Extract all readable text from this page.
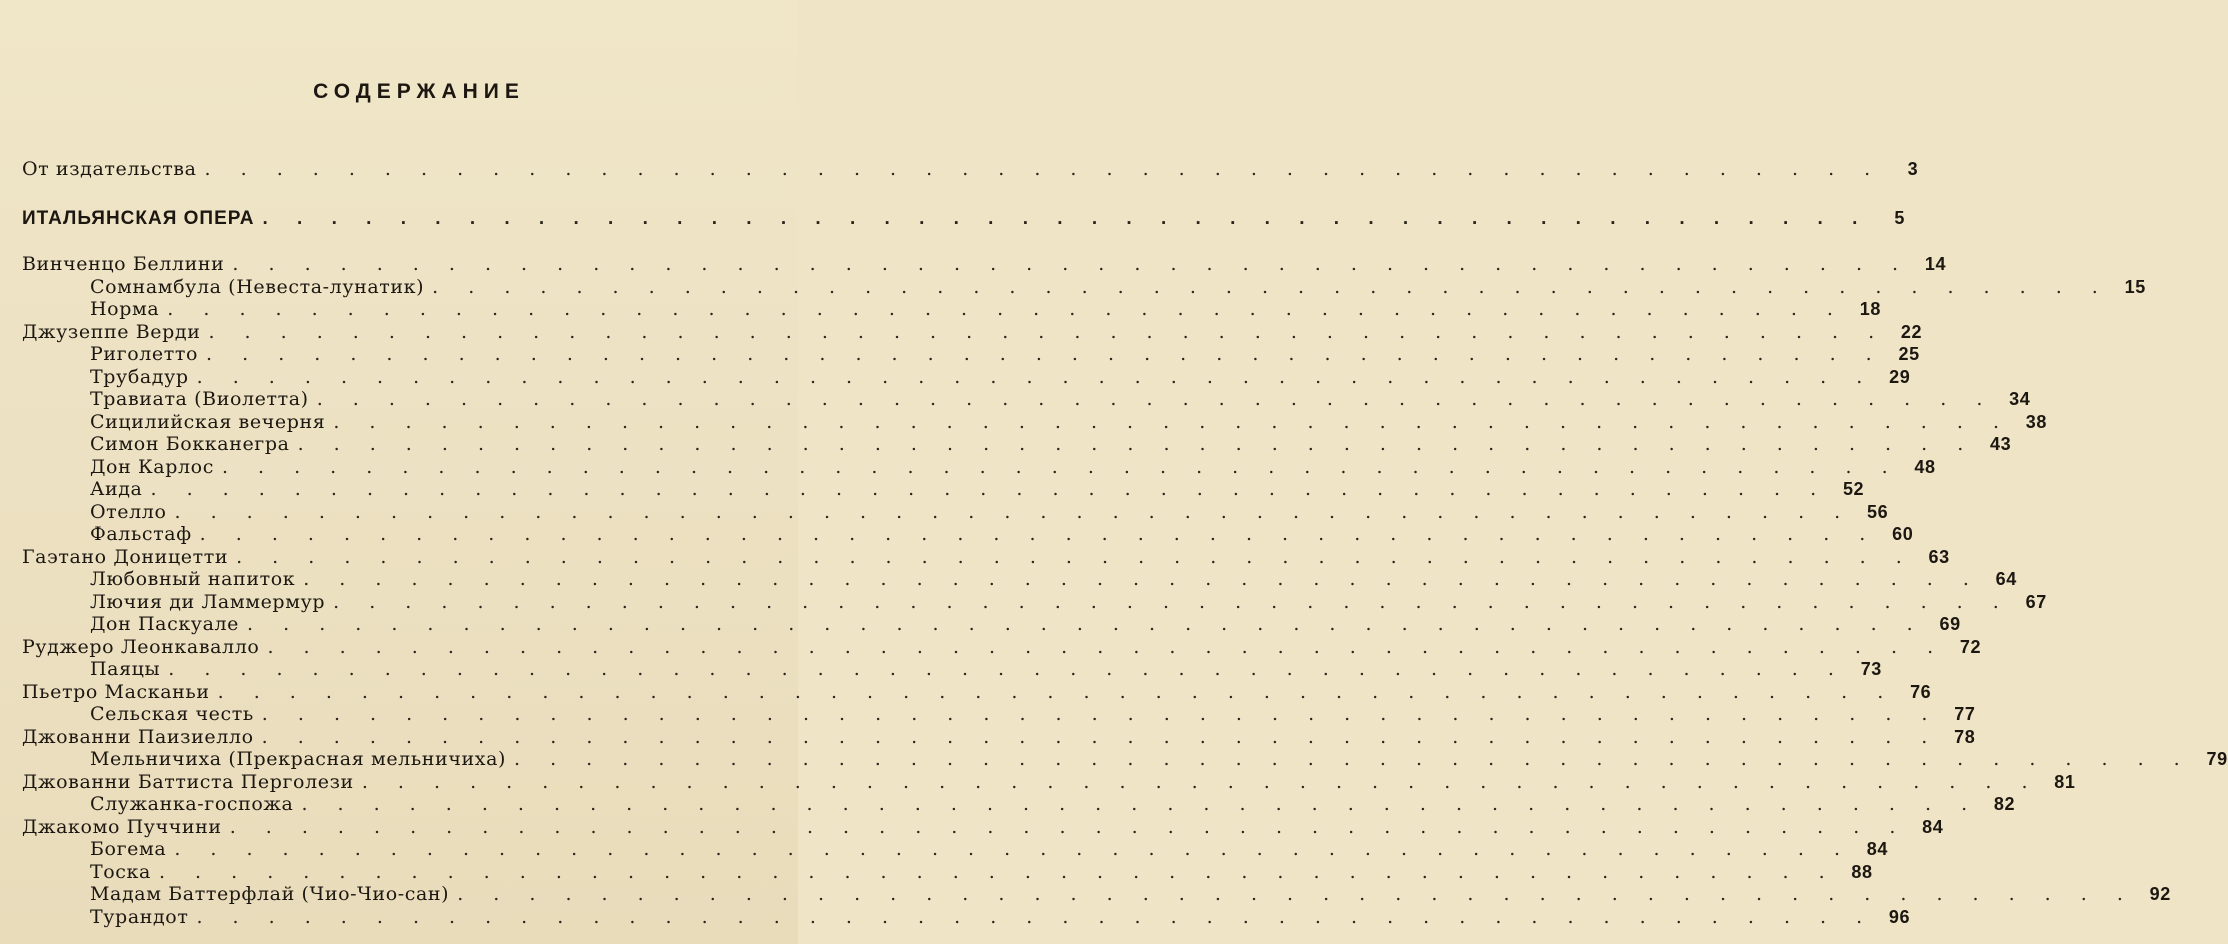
СОДЕРЖАНИЕ
От издательства . . . . . . . . . . . . . . . . . . . . . . . . . . . . . . . . . . . . . . . . . . . . . . .	3
ИТАЛЬЯНСКАЯ ОПЕРА . . . . . . . . . . . . . . . . . . . . . . . . . . . . . . . . . . . . . . . . . . . . . . .	5
Винченцо Беллини . . . . . . . . . . . . . . . . . . . . . . . . . . . . . . . . . . . . . . . . . . . . . . . 14
Сомнамбула (Невеста-лунатик) . . . . . . . . . . . . . . . . . . . . . . . . . . . . . . . . . . . . . . . . . . . . . . . 15
Норма . . . . . . . . . . . . . . . . . . . . . . . . . . . . . . . . . . . . . . . . . . . . . . . 18
Джузеппе Верди . . . . . . . . . . . . . . . . . . . . . . . . . . . . . . . . . . . . . . . . . . . . . . . 22
Риголетто . . . . . . . . . . . . . . . . . . . . . . . . . . . . . . . . . . . . . . . . . . . . . . . 25
Трубадур . . . . . . . . . . . . . . . . . . . . . . . . . . . . . . . . . . . . . . . . . . . . . . . 29
Травиата (Виолетта) . . . . . . . . . . . . . . . . . . . . . . . . . . . . . . . . . . . . . . . . . . . . . . . 34
Сицилийская вечерня . . . . . . . . . . . . . . . . . . . . . . . . . . . . . . . . . . . . . . . . . . . . . . . 38
Симон Бокканегра . . . . . . . . . . . . . . . . . . . . . . . . . . . . . . . . . . . . . . . . . . . . . . . 43
Дон Карлос . . . . . . . . . . . . . . . . . . . . . . . . . . . . . . . . . . . . . . . . . . . . . . . 48
Аида . . . . . . . . . . . . . . . . . . . . . . . . . . . . . . . . . . . . . . . . . . . . . . . 52
Отелло . . . . . . . . . . . . . . . . . . . . . . . . . . . . . . . . . . . . . . . . . . . . . . . 56
Фальстаф . . . . . . . . . . . . . . . . . . . . . . . . . . . . . . . . . . . . . . . . . . . . . . . 60
Гаэтано Доницетти . . . . . . . . . . . . . . . . . . . . . . . . . . . . . . . . . . . . . . . . . . . . . . . 63
Любовный напиток . . . . . . . . . . . . . . . . . . . . . . . . . . . . . . . . . . . . . . . . . . . . . . . 64
Лючия ди Ламмермур . . . . . . . . . . . . . . . . . . . . . . . . . . . . . . . . . . . . . . . . . . . . . . . 67
Дон Паскуале . . . . . . . . . . . . . . . . . . . . . . . . . . . . . . . . . . . . . . . . . . . . . . . 69
Руджеро Леонкавалло . . . . . . . . . . . . . . . . . . . . . . . . . . . . . . . . . . . . . . . . . . . . . . . 72
Паяцы . . . . . . . . . . . . . . . . . . . . . . . . . . . . . . . . . . . . . . . . . . . . . . . 73
Пьетро Масканьи . . . . . . . . . . . . . . . . . . . . . . . . . . . . . . . . . . . . . . . . . . . . . . . 76
Сельская честь . . . . . . . . . . . . . . . . . . . . . . . . . . . . . . . . . . . . . . . . . . . . . . . 77
Джованни Паизиелло . . . . . . . . . . . . . . . . . . . . . . . . . . . . . . . . . . . . . . . . . . . . . . . 78
Мельничиха (Прекрасная мельничиха) . . . . . . . . . . . . . . . . . . . . . . . . . . . . . . . . . . . . . . . . . . . . . . . 79
Джованни Баттиста Перголези . . . . . . . . . . . . . . . . . . . . . . . . . . . . . . . . . . . . . . . . . . . . . . . 81
Служанка-госпожа . . . . . . . . . . . . . . . . . . . . . . . . . . . . . . . . . . . . . . . . . . . . . . . 82
Джакомо Пуччини . . . . . . . . . . . . . . . . . . . . . . . . . . . . . . . . . . . . . . . . . . . . . . . 84
Богема . . . . . . . . . . . . . . . . . . . . . . . . . . . . . . . . . . . . . . . . . . . . . . . 84
Тоска . . . . . . . . . . . . . . . . . . . . . . . . . . . . . . . . . . . . . . . . . . . . . . . 88
Мадам Баттерфлай (Чио-Чио-сан) . . . . . . . . . . . . . . . . . . . . . . . . . . . . . . . . . . . . . . . . . . . . . . . 92
Турандот . . . . . . . . . . . . . . . . . . . . . . . . . . . . . . . . . . . . . . . . . . . . . . . 96
